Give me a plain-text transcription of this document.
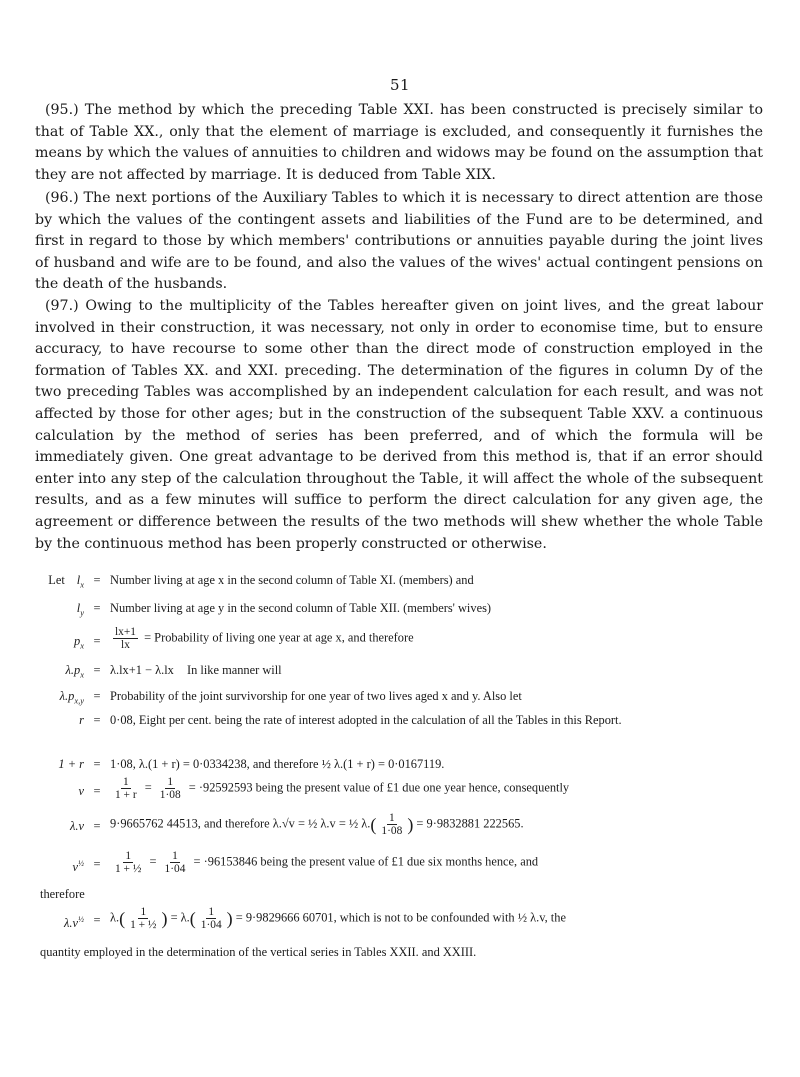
51

(95.) The method by which the preceding Table XXI. has been constructed is precisely similar to that of Table XX., only that the element of marriage is excluded, and consequently it furnishes the means by which the values of annuities to children and widows may be found on the assumption that they are not affected by marriage. It is deduced from Table XIX.

(96.) The next portions of the Auxiliary Tables to which it is necessary to direct attention are those by which the values of the contingent assets and liabilities of the Fund are to be determined, and first in regard to those by which members' contributions or annuities payable during the joint lives of husband and wife are to be found, and also the values of the wives' actual contingent pensions on the death of the husbands.

(97.) Owing to the multiplicity of the Tables hereafter given on joint lives, and the great labour involved in their construction, it was necessary, not only in order to economise time, but to ensure accuracy, to have recourse to some other than the direct mode of construction employed in the formation of Tables XX. and XXI. preceding. The determination of the figures in column Dy of the two preceding Tables was accomplished by an independent calculation for each result, and was not affected by those for other ages; but in the construction of the subsequent Table XXV. a continuous calculation by the method of series has been preferred, and of which the formula will be immediately given. One great advantage to be derived from this method is, that if an error should enter into any step of the calculation throughout the Table, it will affect the whole of the subsequent results, and as a few minutes will suffice to perform the direct calculation for any given age, the agreement or difference between the results of the two methods will shew whether the whole Table by the continuous method has been properly constructed or otherwise.

Let $l_x$ = Number living at age x in the second column of Table XI. (members) and
$l_y$ = Number living at age y in the second column of Table XII. (members' wives)
$p_x$ =	$\frac{lx+1}{lx}$ = Probability of living one year at age x, and therefore
$\lambda.p_x = \lambda.lx+1 - \lambda.lx$ In like manner will
$\lambda.p_{x,y}$ = Probability of the joint survivorship for one year of two lives aged x and y. Also let
r = 0·08, Eight per cent. being the rate of interest adopted in the calculation of all the Tables in this Report.
1 + r = 1·08, λ.(1 + r) = 0·0334238, and therefore ½ λ.(1 + r) = 0·0167119.
v =	$\frac{1}{1 + r} = \frac{1}{1\cdot 08} = \cdot 92592593$ being the present value of £1 due one year hence, consequently
λ.v = 9·9665762 44513, and therefore λ.√v = ½ λ.v = ½ $\lambda.( \frac{1}{1\cdot 08}$ ) = 9·9832881 222565.
$v^{\frac{1}{2}}$ =	$\frac{1}{\text{1 + ½}} = \frac{1}{1\cdot 04} = \cdot 96153846$ being the present value of £1 due six months hence, and
therefore
$\lambda.v^{\frac{1}{2}} = \lambda.( \frac{1}{\text{1 + ½}}$ ) = $\lambda.( \frac{1}{1\cdot 04}$ ) = 9·9829666 60701, which is not to be confounded with ½ λ.v, the
quantity employed in the determination of the vertical series in Tables XXII. and XXIII.
